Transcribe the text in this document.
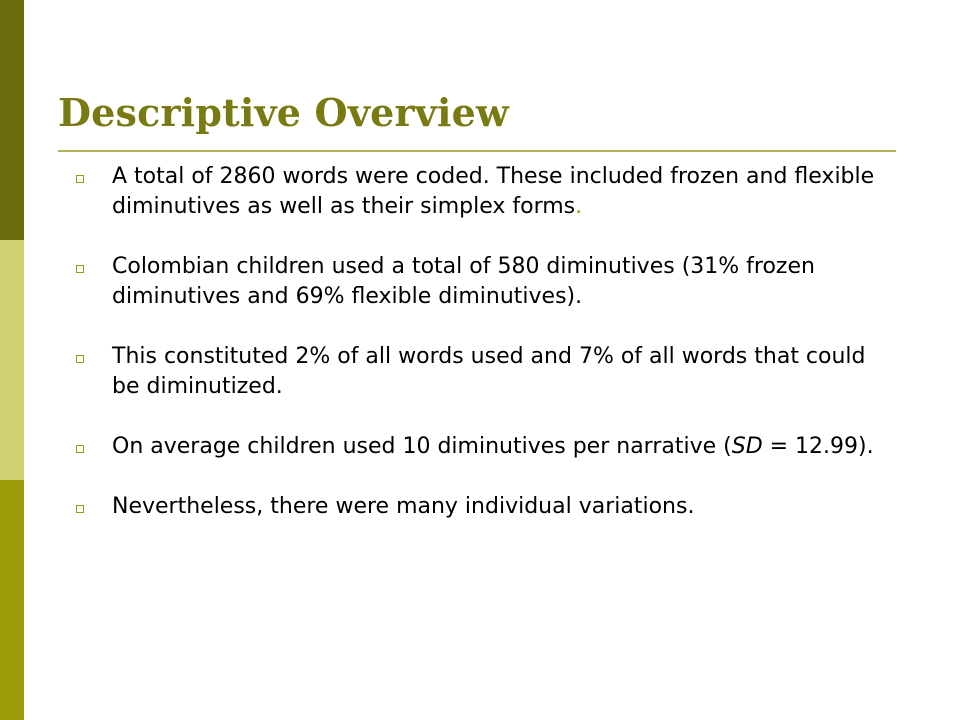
Descriptive Overview
A total of 2860 words were coded. These included frozen and flexible diminutives as well as their simplex forms.
Colombian children used a total of 580 diminutives (31% frozen diminutives and 69% flexible diminutives).
This constituted 2% of all words used and 7% of all words that could be diminutized.
On average children used 10 diminutives per narrative (SD = 12.99).
Nevertheless, there were many individual variations.
